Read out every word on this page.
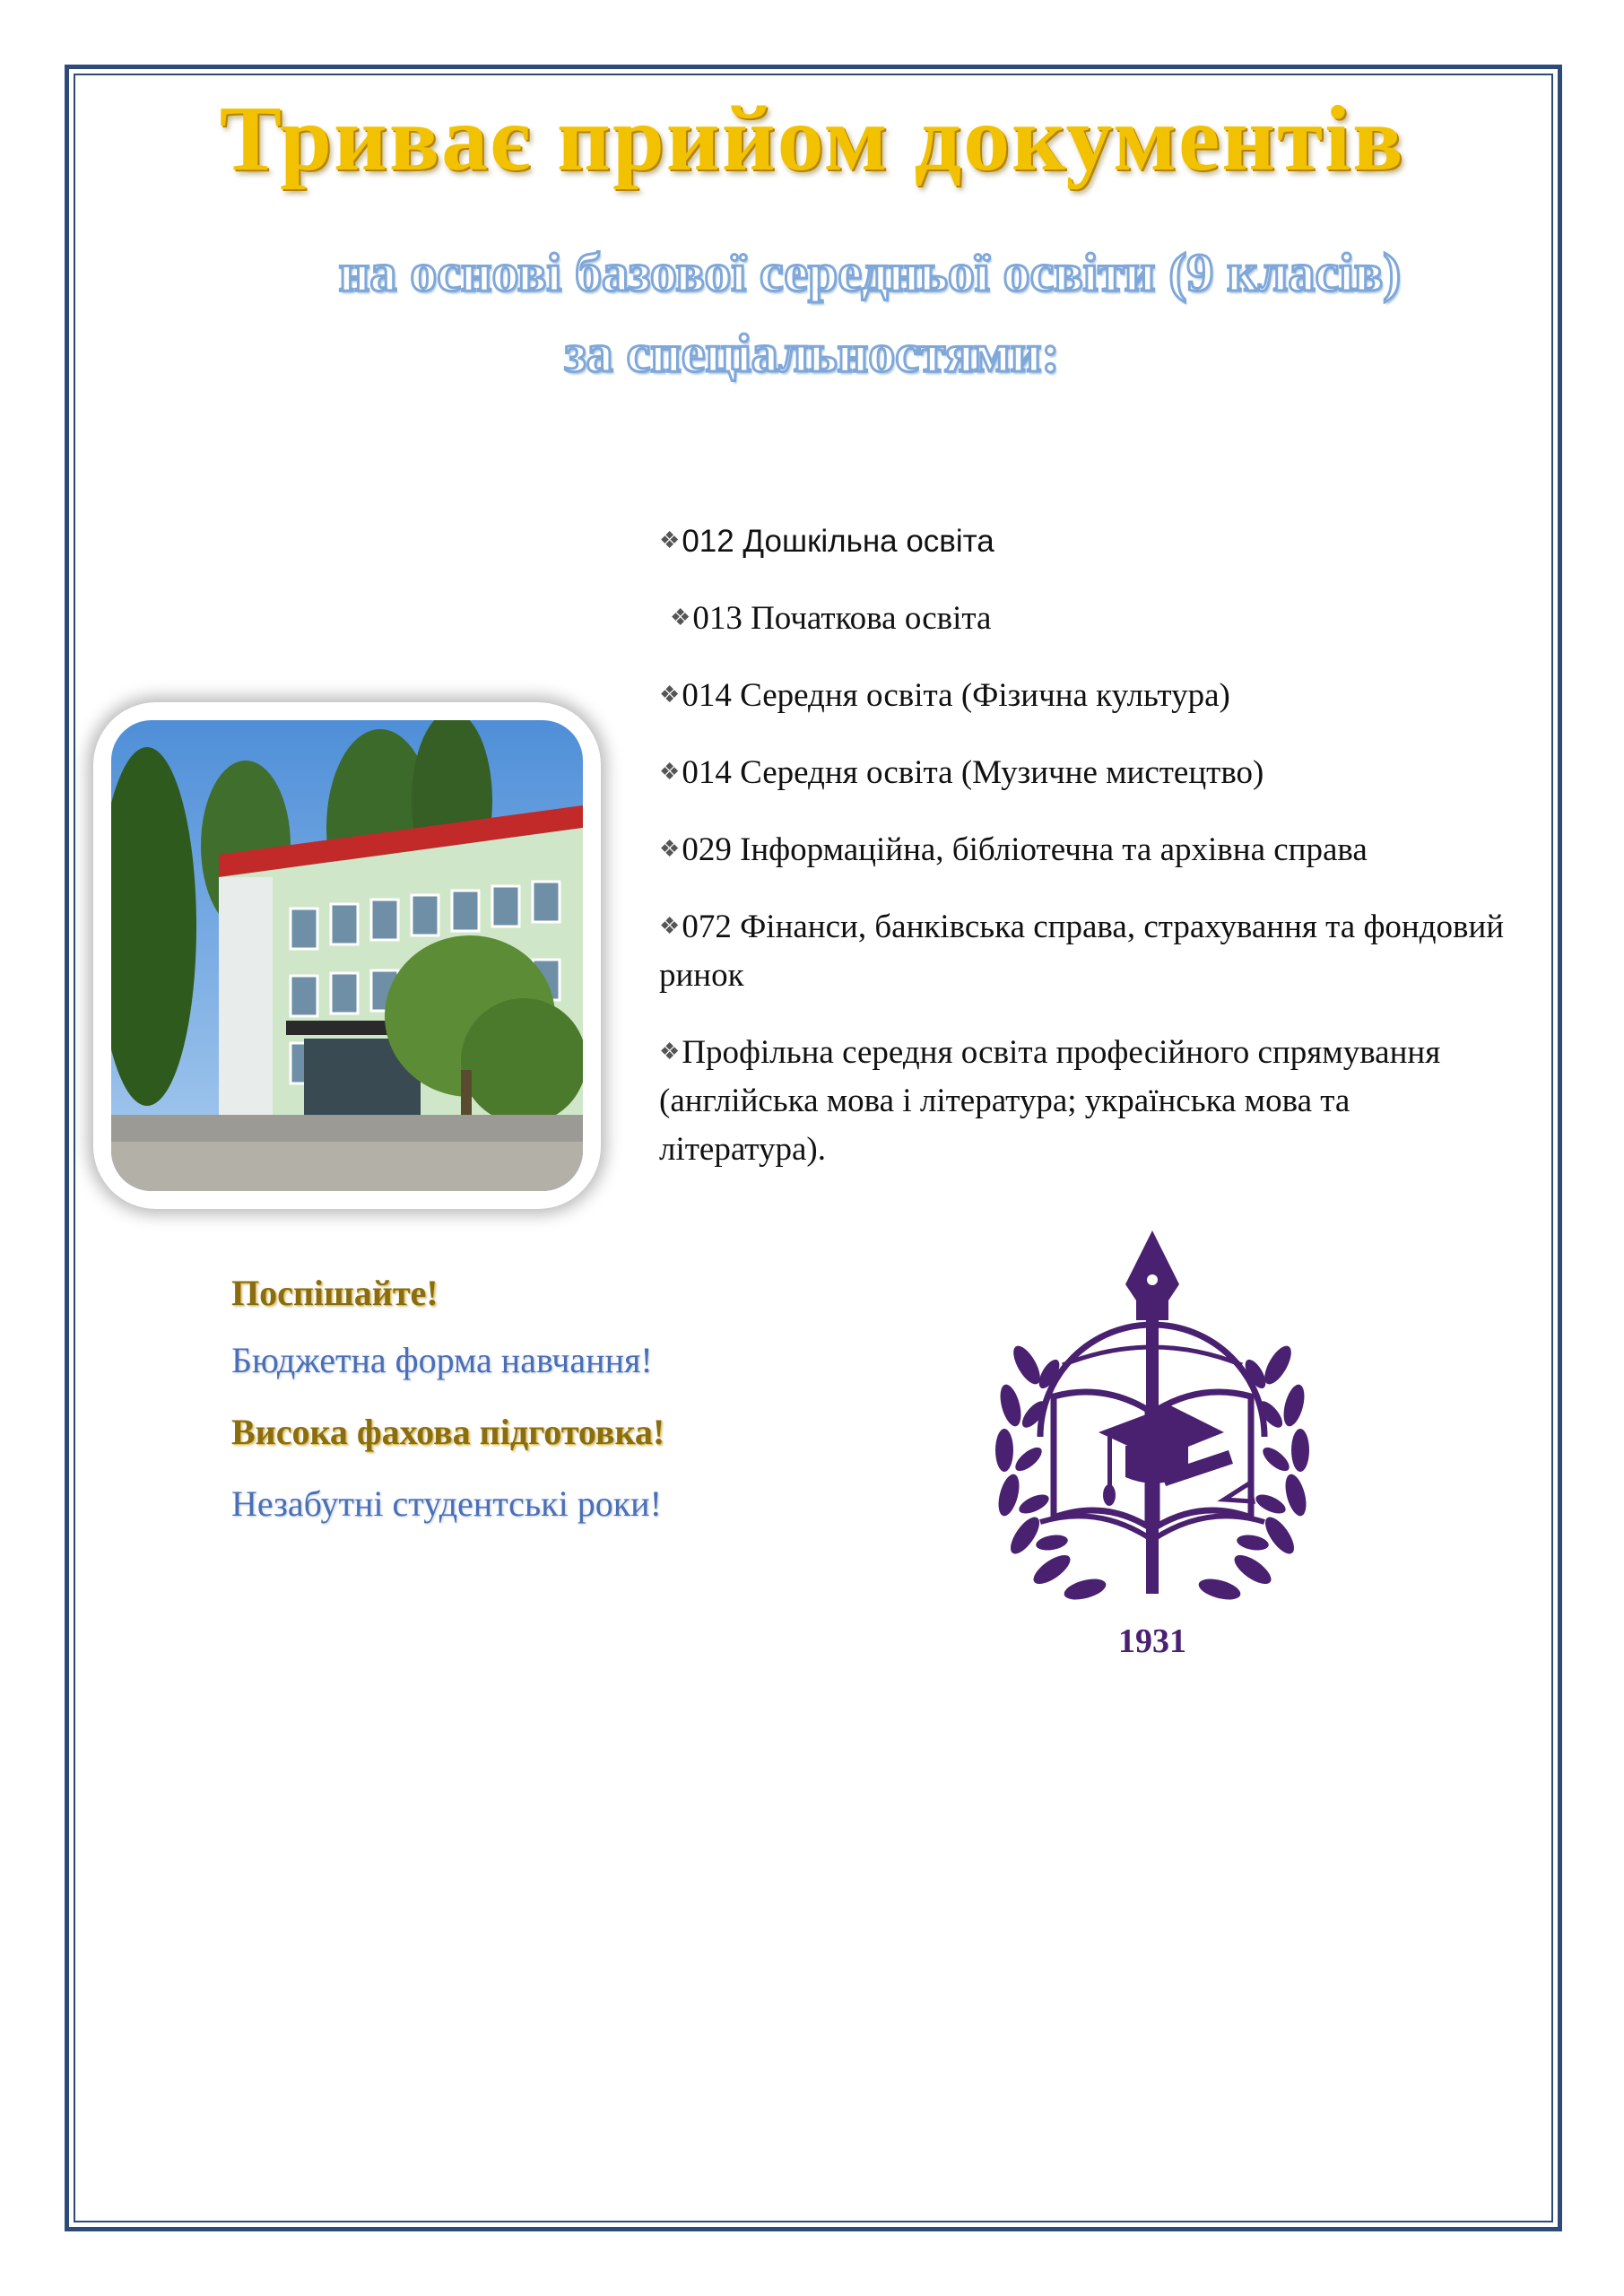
Триває прийом документів
на основі базової середньої освіти (9 класів)
за спеціальностями:
❖012 Дошкільна освіта
❖013 Початкова освіта
❖014 Середня освіта (Фізична культура)
❖014 Середня освіта (Музичне мистецтво)
❖029 Інформаційна, бібліотечна та архівна справа
❖072 Фінанси, банківська справа, страхування та фондовий ринок
❖Профільна середня освіта професійного спрямування (англійська мова і література; українська мова та література).

Поспішайте!

Бюджетна форма навчання!

Висока фахова підготовка!

Незабутні студентські роки!

1931
